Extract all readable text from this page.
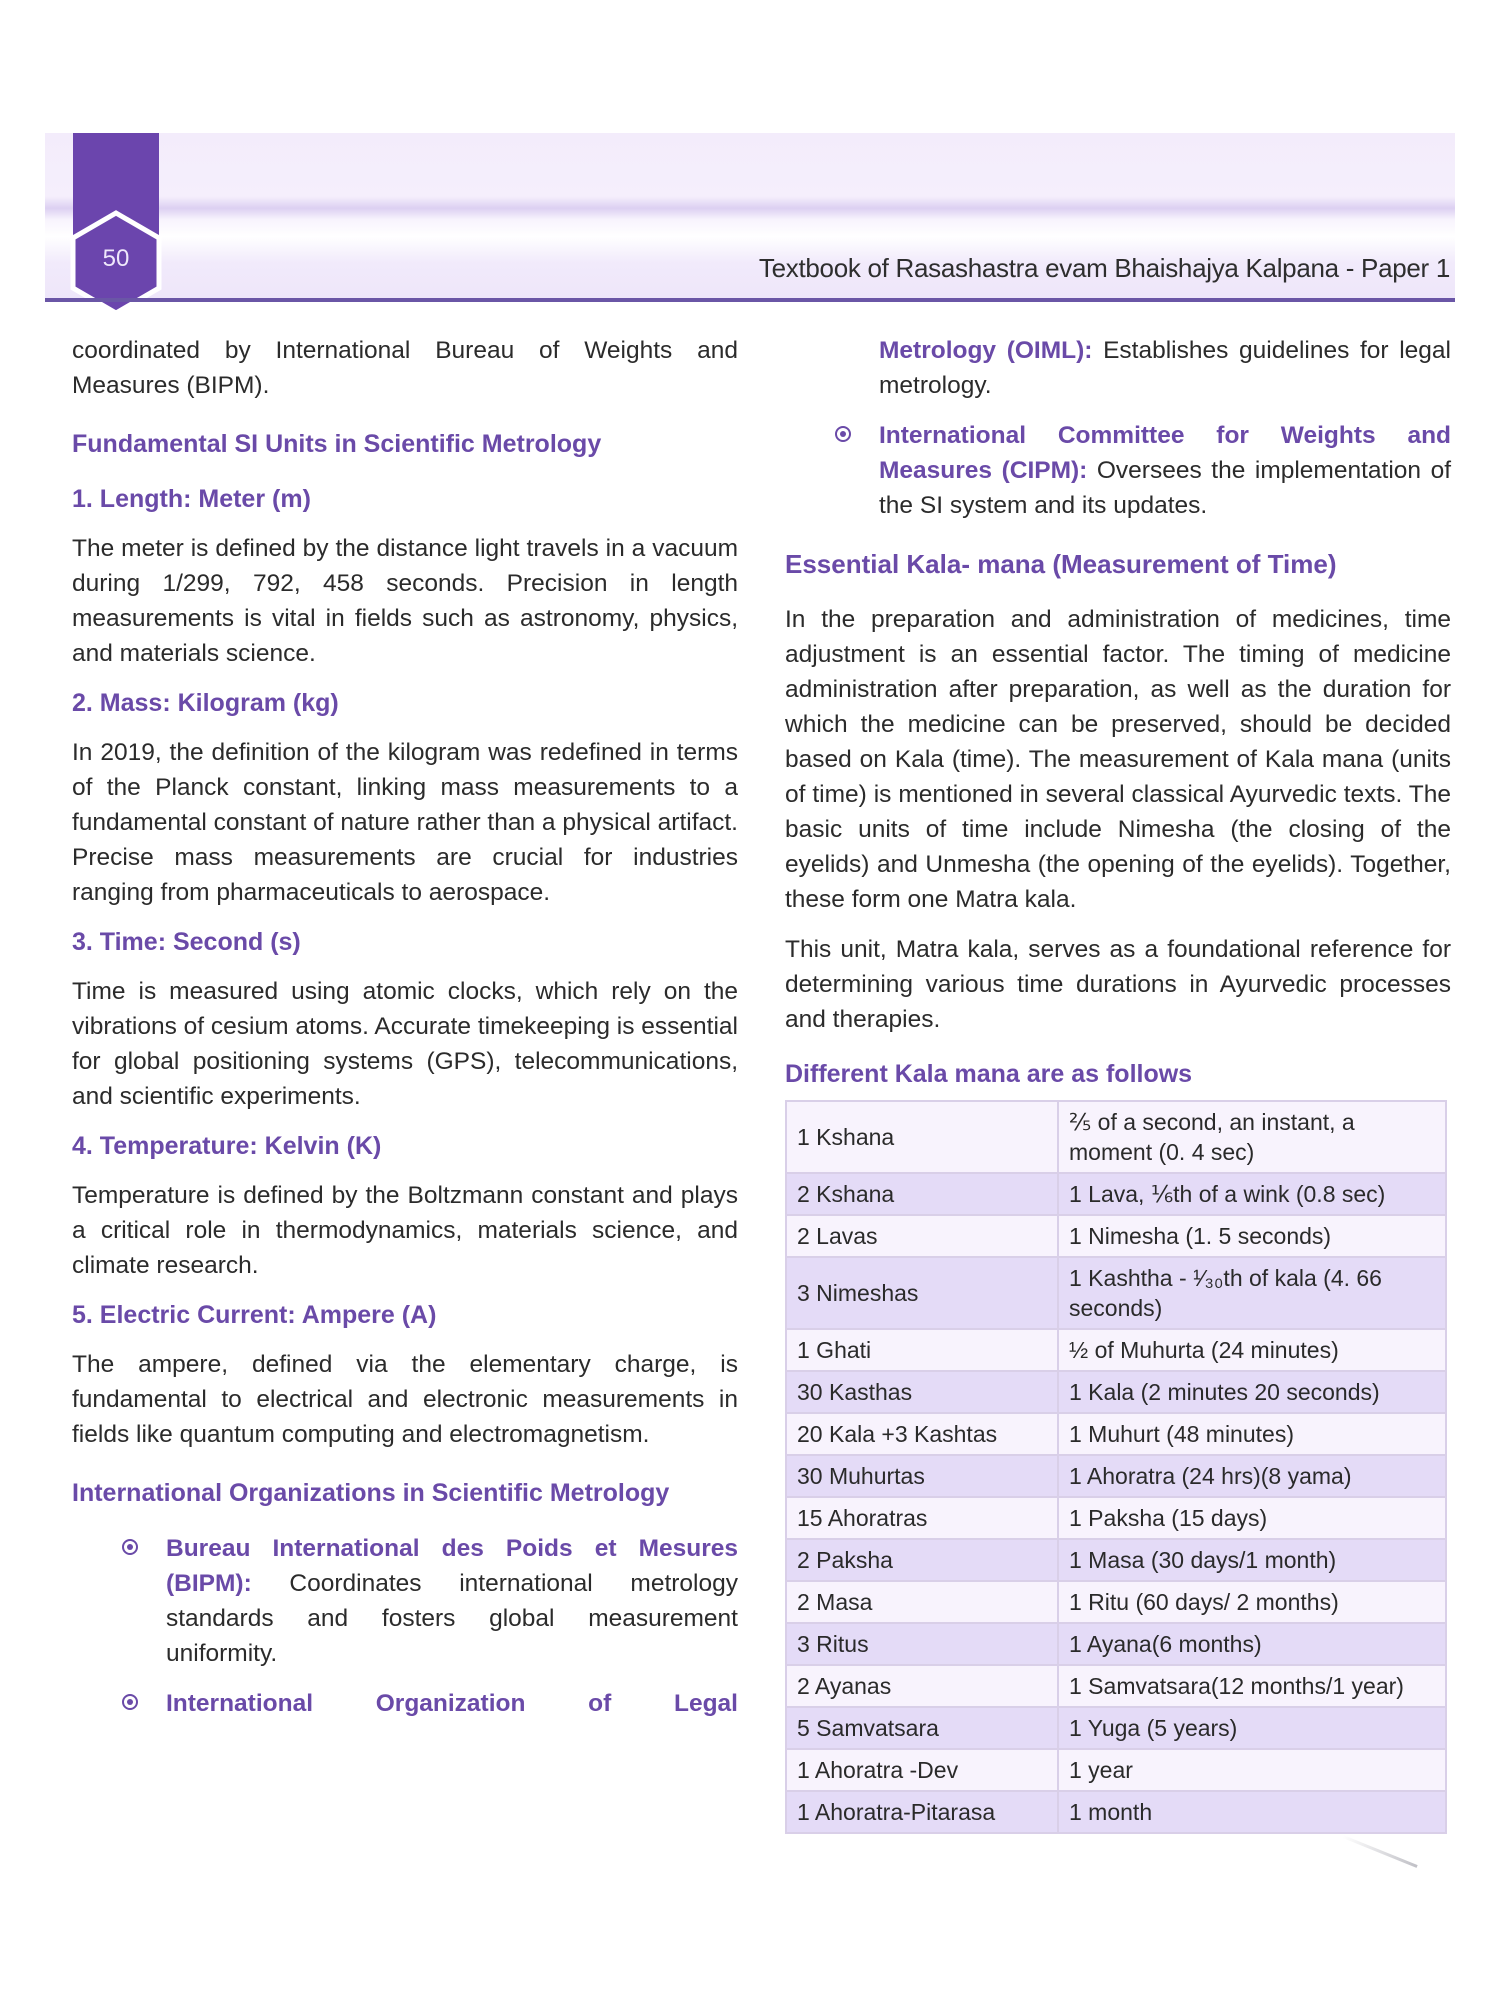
50	Textbook of Rasashastra evam Bhaishajya Kalpana - Paper 1

coordinated by International Bureau of Weights and Measures (BIPM).

Fundamental SI Units in Scientific Metrology
1. Length: Meter (m)

The meter is defined by the distance light travels in a vacuum during 1/299, 792, 458 seconds. Precision in length measurements is vital in fields such as astronomy, physics, and materials science.

2. Mass: Kilogram (kg)

In 2019, the definition of the kilogram was redefined in terms of the Planck constant, linking mass measurements to a fundamental constant of nature rather than a physical artifact. Precise mass measurements are crucial for industries ranging from pharmaceuticals to aerospace.

3. Time: Second (s)

Time is measured using atomic clocks, which rely on the vibrations of cesium atoms. Accurate timekeeping is essential for global positioning systems (GPS), telecommunications, and scientific experiments.

4. Temperature: Kelvin (K)

Temperature is defined by the Boltzmann constant and plays a critical role in thermodynamics, materials science, and climate research.

5. Electric Current: Ampere (A)

The ampere, defined via the elementary charge, is fundamental to electrical and electronic measurements in fields like quantum computing and electromagnetism.

International Organizations in Scientific Metrology
Bureau International des Poids et Mesures (BIPM): Coordinates international metrology standards and fosters global measurement uniformity.
International Organization of Legal
Metrology (OIML): Establishes guidelines for legal metrology.
International Committee for Weights and Measures (CIPM): Oversees the implementation of the SI system and its updates.
Essential Kala- mana (Measurement of Time)

In the preparation and administration of medicines, time adjustment is an essential factor. The timing of medicine administration after preparation, as well as the duration for which the medicine can be preserved, should be decided based on Kala (time). The measurement of Kala mana (units of time) is mentioned in several classical Ayurvedic texts. The basic units of time include Nimesha (the closing of the eyelids) and Unmesha (the opening of the eyelids). Together, these form one Matra kala.

This unit, Matra kala, serves as a foundational reference for determining various time durations in Ayurvedic processes and therapies.

Different Kala mana are as follows
1 Kshana	⅖ of a second, an instant, a moment (0. 4 sec)
2 Kshana	1 Lava, ⅙th of a wink (0.8 sec)
2 Lavas	1 Nimesha (1. 5 seconds)
3 Nimeshas	1 Kashtha - ¹⁄₃₀th of kala (4. 66 seconds)
1 Ghati	½ of Muhurta (24 minutes)
30 Kasthas	1 Kala (2 minutes 20 seconds)
20 Kala +3 Kashtas	1 Muhurt (48 minutes)
30 Muhurtas	1 Ahoratra (24 hrs)(8 yama)
15 Ahoratras	1 Paksha (15 days)
2 Paksha	1 Masa (30 days/1 month)
2 Masa	1 Ritu (60 days/ 2 months)
3 Ritus	1 Ayana(6 months)
2 Ayanas	1 Samvatsara(12 months/1 year)
5 Samvatsara	1 Yuga (5 years)
1 Ahoratra -Dev	1 year
1 Ahoratra-Pitarasa	1 month
